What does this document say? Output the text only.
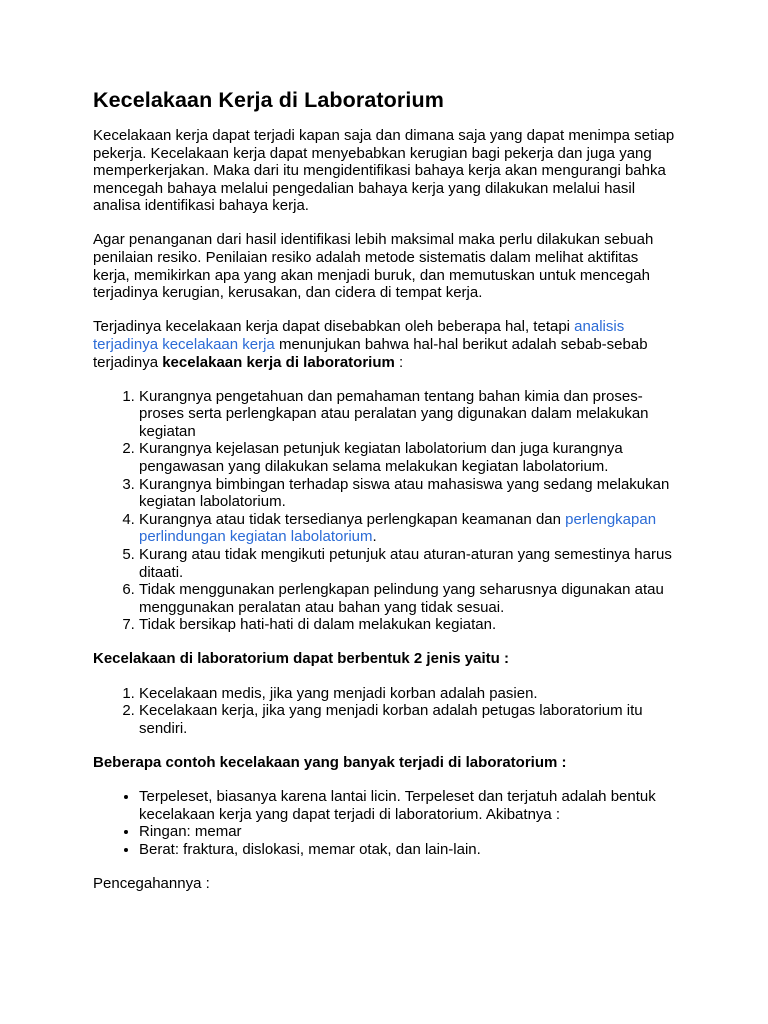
Kecelakaan Kerja di Laboratorium

Kecelakaan kerja dapat terjadi kapan saja dan dimana saja yang dapat menimpa setiap pekerja. Kecelakaan kerja dapat menyebabkan kerugian bagi pekerja dan juga yang memperkerjakan. Maka dari itu mengidentifikasi bahaya kerja akan mengurangi bahka mencegah bahaya melalui pengedalian bahaya kerja yang dilakukan melalui hasil analisa identifikasi bahaya kerja.

Agar penanganan dari hasil identifikasi lebih maksimal maka perlu dilakukan sebuah penilaian resiko. Penilaian resiko adalah metode sistematis dalam melihat aktifitas kerja, memikirkan apa yang akan menjadi buruk, dan memutuskan untuk mencegah terjadinya kerugian, kerusakan, dan cidera di tempat kerja.

Terjadinya kecelakaan kerja dapat disebabkan oleh beberapa hal, tetapi analisis terjadinya kecelakaan kerja menunjukan bahwa hal-hal berikut adalah sebab-sebab terjadinya kecelakaan kerja di laboratorium :

1. Kurangnya pengetahuan dan pemahaman tentang bahan kimia dan proses-proses serta perlengkapan atau peralatan yang digunakan dalam melakukan kegiatan
2. Kurangnya kejelasan petunjuk kegiatan labolatorium dan juga kurangnya pengawasan yang dilakukan selama melakukan kegiatan labolatorium.
3. Kurangnya bimbingan terhadap siswa atau mahasiswa yang sedang melakukan kegiatan labolatorium.
4. Kurangnya atau tidak tersedianya perlengkapan keamanan dan perlengkapan perlindungan kegiatan labolatorium.
5. Kurang atau tidak mengikuti petunjuk atau aturan-aturan yang semestinya harus ditaati.
6. Tidak menggunakan perlengkapan pelindung yang seharusnya digunakan atau menggunakan peralatan atau bahan yang tidak sesuai.
7. Tidak bersikap hati-hati di dalam melakukan kegiatan.

Kecelakaan di laboratorium dapat berbentuk 2 jenis yaitu :

1. Kecelakaan medis, jika yang menjadi korban adalah pasien.
2. Kecelakaan kerja, jika yang menjadi korban adalah petugas laboratorium itu sendiri.

Beberapa contoh kecelakaan yang banyak terjadi di laboratorium :

• Terpeleset, biasanya karena lantai licin. Terpeleset dan terjatuh adalah bentuk kecelakaan kerja yang dapat terjadi di laboratorium. Akibatnya :
• Ringan: memar
• Berat: fraktura, dislokasi, memar otak, dan lain-lain.

Pencegahannya :
